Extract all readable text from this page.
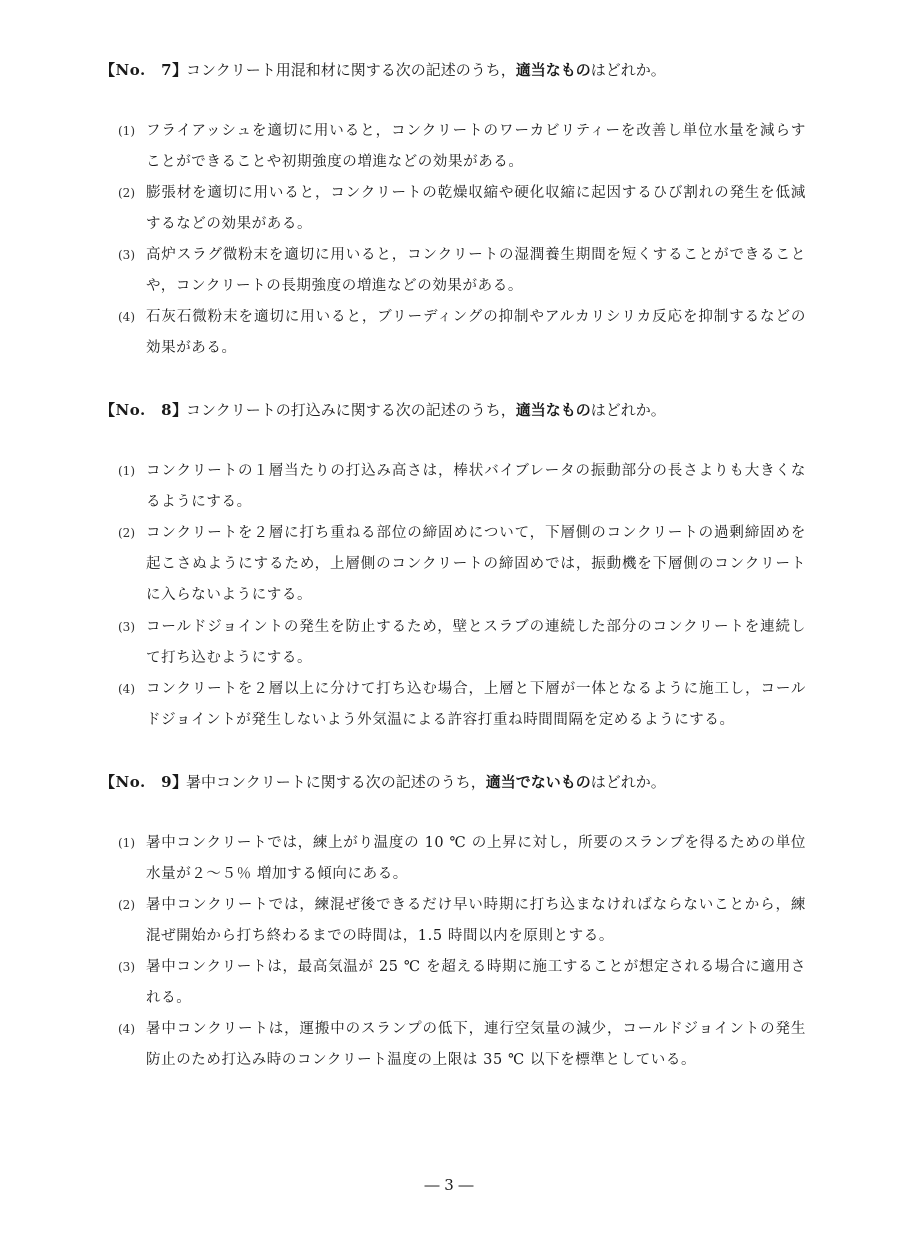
【No.　7】コンクリート用混和材に関する次の記述のうち，適当なものはどれか。
(1) フライアッシュを適切に用いると，コンクリートのワーカビリティーを改善し単位水量を減らすことができることや初期強度の増進などの効果がある。
(2) 膨張材を適切に用いると，コンクリートの乾燥収縮や硬化収縮に起因するひび割れの発生を低減するなどの効果がある。
(3) 高炉スラグ微粉末を適切に用いると，コンクリートの湿潤養生期間を短くすることができることや，コンクリートの長期強度の増進などの効果がある。
(4) 石灰石微粉末を適切に用いると，ブリーディングの抑制やアルカリシリカ反応を抑制するなどの効果がある。
【No.　8】コンクリートの打込みに関する次の記述のうち，適当なものはどれか。
(1) コンクリートの１層当たりの打込み高さは，棒状バイブレータの振動部分の長さよりも大きくなるようにする。
(2) コンクリートを２層に打ち重ねる部位の締固めについて，下層側のコンクリートの過剰締固めを起こさぬようにするため，上層側のコンクリートの締固めでは，振動機を下層側のコンクリートに入らないようにする。
(3) コールドジョイントの発生を防止するため，壁とスラブの連続した部分のコンクリートを連続して打ち込むようにする。
(4) コンクリートを２層以上に分けて打ち込む場合，上層と下層が一体となるように施工し，コールドジョイントが発生しないよう外気温による許容打重ね時間間隔を定めるようにする。
【No.　9】暑中コンクリートに関する次の記述のうち，適当でないものはどれか。
(1) 暑中コンクリートでは，練上がり温度の 10 ℃ の上昇に対し，所要のスランプを得るための単位水量が２～５％ 増加する傾向にある。
(2) 暑中コンクリートでは，練混ぜ後できるだけ早い時期に打ち込まなければならないことから，練混ぜ開始から打ち終わるまでの時間は，1.5 時間以内を原則とする。
(3) 暑中コンクリートは，最高気温が 25 ℃ を超える時期に施工することが想定される場合に適用される。
(4) 暑中コンクリートは，運搬中のスランプの低下，連行空気量の減少，コールドジョイントの発生防止のため打込み時のコンクリート温度の上限は 35 ℃ 以下を標準としている。
― 3 ―
